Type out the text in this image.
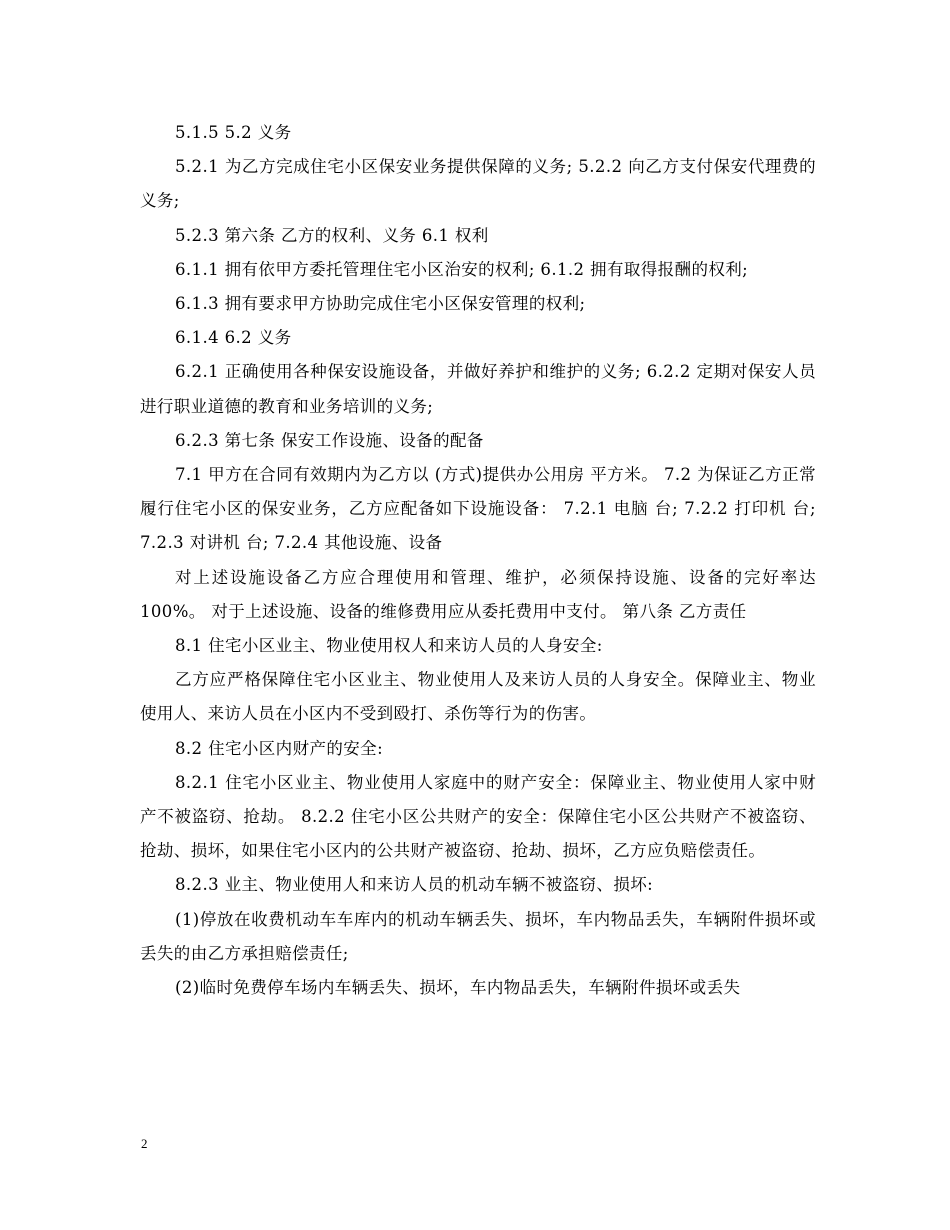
5.1.5 5.2 义务

5.2.1 为乙方完成住宅小区保安业务提供保障的义务; 5.2.2 向乙方支付保安代理费的义务;

5.2.3 第六条 乙方的权利、义务 6.1 权利

6.1.1 拥有依甲方委托管理住宅小区治安的权利; 6.1.2 拥有取得报酬的权利;

6.1.3 拥有要求甲方协助完成住宅小区保安管理的权利;

6.1.4 6.2 义务

6.2.1 正确使用各种保安设施设备，并做好养护和维护的义务; 6.2.2 定期对保安人员进行职业道德的教育和业务培训的义务;

6.2.3 第七条 保安工作设施、设备的配备

7.1 甲方在合同有效期内为乙方以 (方式)提供办公用房 平方米。 7.2 为保证乙方正常履行住宅小区的保安业务，乙方应配备如下设施设备： 7.2.1 电脑 台; 7.2.2 打印机 台; 7.2.3 对讲机 台; 7.2.4 其他设施、设备

对上述设施设备乙方应合理使用和管理、维护，必须保持设施、设备的完好率达100%。 对于上述设施、设备的维修费用应从委托费用中支付。 第八条 乙方责任

8.1 住宅小区业主、物业使用权人和来访人员的人身安全:

乙方应严格保障住宅小区业主、物业使用人及来访人员的人身安全。保障业主、物业使用人、来访人员在小区内不受到殴打、杀伤等行为的伤害。

8.2 住宅小区内财产的安全:

8.2.1 住宅小区业主、物业使用人家庭中的财产安全：保障业主、物业使用人家中财产不被盗窃、抢劫。 8.2.2 住宅小区公共财产的安全：保障住宅小区公共财产不被盗窃、抢劫、损坏，如果住宅小区内的公共财产被盗窃、抢劫、损坏，乙方应负赔偿责任。

8.2.3 业主、物业使用人和来访人员的机动车辆不被盗窃、损坏:

(1)停放在收费机动车车库内的机动车辆丢失、损坏，车内物品丢失，车辆附件损坏或丢失的由乙方承担赔偿责任;

(2)临时免费停车场内车辆丢失、损坏，车内物品丢失，车辆附件损坏或丢失

2
